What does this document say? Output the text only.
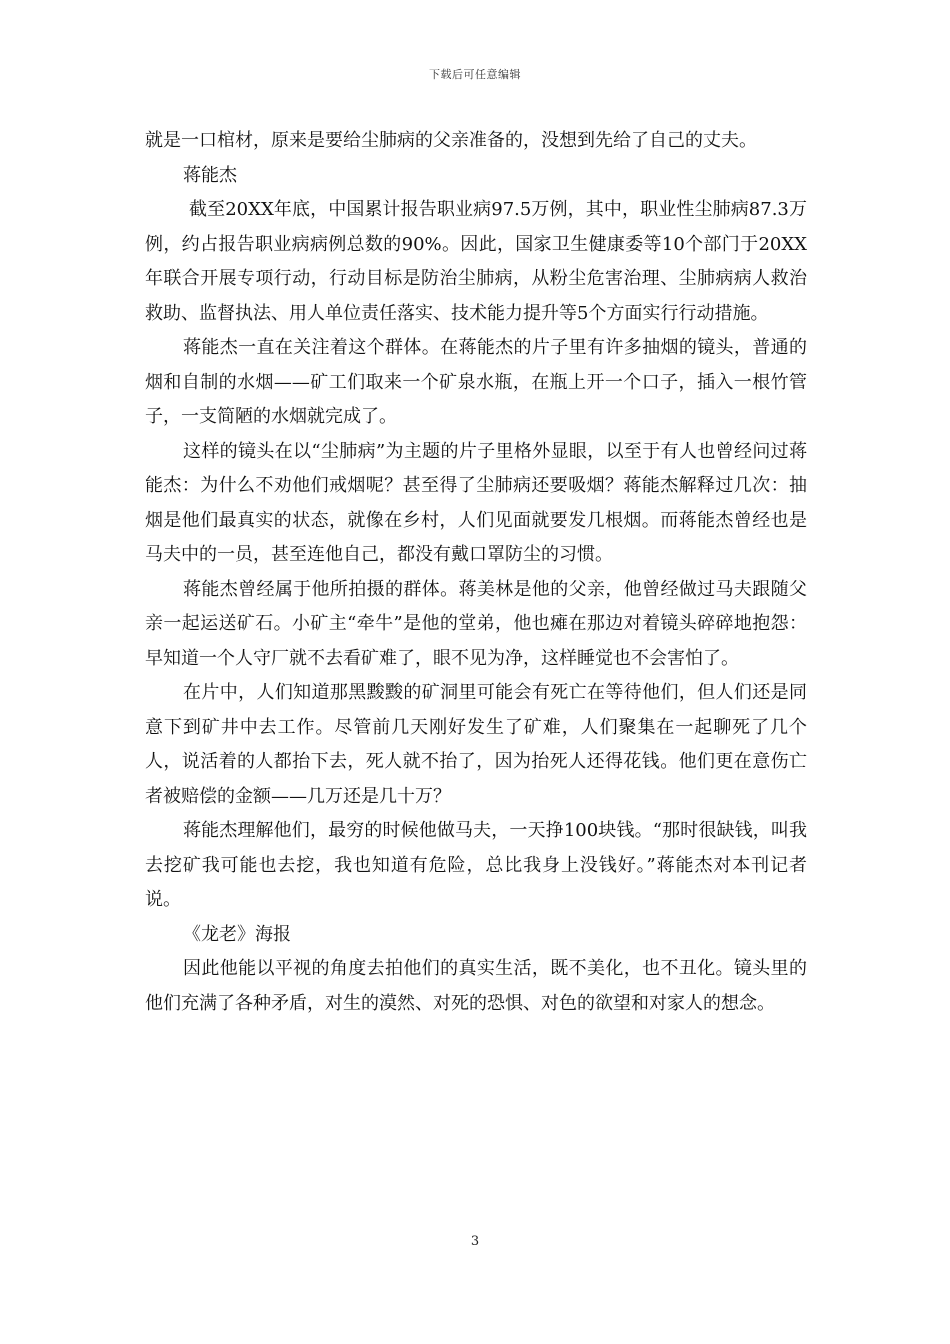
下载后可任意编辑

就是一口棺材，原来是要给尘肺病的父亲准备的，没想到先给了自己的丈夫。

蒋能杰

截至20XX年底，中国累计报告职业病97.5万例，其中，职业性尘肺病87.3万例，约占报告职业病病例总数的90%。因此，国家卫生健康委等10个部门于20XX年联合开展专项行动，行动目标是防治尘肺病，从粉尘危害治理、尘肺病病人救治救助、监督执法、用人单位责任落实、技术能力提升等5个方面实行行动措施。

蒋能杰一直在关注着这个群体。在蒋能杰的片子里有许多抽烟的镜头，普通的烟和自制的水烟——矿工们取来一个矿泉水瓶，在瓶上开一个口子，插入一根竹管子，一支简陋的水烟就完成了。

这样的镜头在以“尘肺病”为主题的片子里格外显眼，以至于有人也曾经问过蒋能杰：为什么不劝他们戒烟呢？甚至得了尘肺病还要吸烟？蒋能杰解释过几次：抽烟是他们最真实的状态，就像在乡村，人们见面就要发几根烟。而蒋能杰曾经也是马夫中的一员，甚至连他自己，都没有戴口罩防尘的习惯。

蒋能杰曾经属于他所拍摄的群体。蒋美林是他的父亲，他曾经做过马夫跟随父亲一起运送矿石。小矿主“牵牛”是他的堂弟，他也瘫在那边对着镜头碎碎地抱怨：早知道一个人守厂就不去看矿难了，眼不见为净，这样睡觉也不会害怕了。

在片中，人们知道那黑黢黢的矿洞里可能会有死亡在等待他们，但人们还是同意下到矿井中去工作。尽管前几天刚好发生了矿难，人们聚集在一起聊死了几个人，说活着的人都抬下去，死人就不抬了，因为抬死人还得花钱。他们更在意伤亡者被赔偿的金额——几万还是几十万？

蒋能杰理解他们，最穷的时候他做马夫，一天挣100块钱。“那时很缺钱，叫我去挖矿我可能也去挖，我也知道有危险，总比我身上没钱好。”蒋能杰对本刊记者说。

《龙老》海报

因此他能以平视的角度去拍他们的真实生活，既不美化，也不丑化。镜头里的他们充满了各种矛盾，对生的漠然、对死的恐惧、对色的欲望和对家人的想念。

3
